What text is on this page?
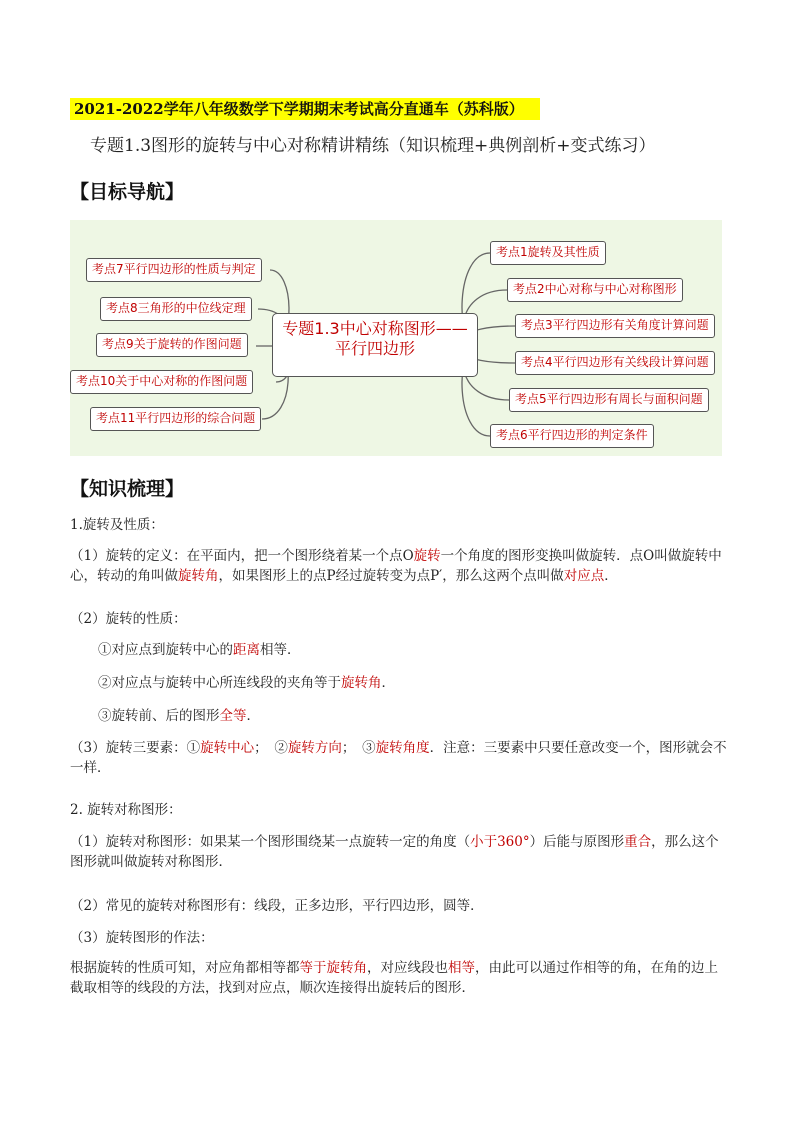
2021-2022学年八年级数学下学期期末考试高分直通车（苏科版）
专题1.3图形的旋转与中心对称精讲精练（知识梳理+典例剖析+变式练习）
【目标导航】
专题1.3中心对称图形——
平行四边形
考点7平行四边形的性质与判定
考点8三角形的中位线定理
考点9关于旋转的作图问题
考点10关于中心对称的作图问题
考点11平行四边形的综合问题
考点1旋转及其性质
考点2中心对称与中心对称图形
考点3平行四边形有关角度计算问题
考点4平行四边形有关线段计算问题
考点5平行四边形有周长与面积问题
考点6平行四边形的判定条件
【知识梳理】
1.旋转及性质：
（1）旋转的定义：在平面内，把一个图形绕着某一个点O旋转一个角度的图形变换叫做旋转．点O叫做旋转中心，转动的角叫做旋转角，如果图形上的点P经过旋转变为点P′，那么这两个点叫做对应点．
（2）旋转的性质：
①对应点到旋转中心的距离相等．
②对应点与旋转中心所连线段的夹角等于旋转角．
③旋转前、后的图形全等．
（3）旋转三要素：①旋转中心；　②旋转方向；　③旋转角度．注意：三要素中只要任意改变一个，图形就会不一样．
2. 旋转对称图形：
（1）旋转对称图形：如果某一个图形围绕某一点旋转一定的角度（小于360°）后能与原图形重合，那么这个图形就叫做旋转对称图形．
（2）常见的旋转对称图形有：线段，正多边形，平行四边形，圆等．
（3）旋转图形的作法：
根据旋转的性质可知，对应角都相等都等于旋转角，对应线段也相等，由此可以通过作相等的角，在角的边上截取相等的线段的方法，找到对应点，顺次连接得出旋转后的图形．
